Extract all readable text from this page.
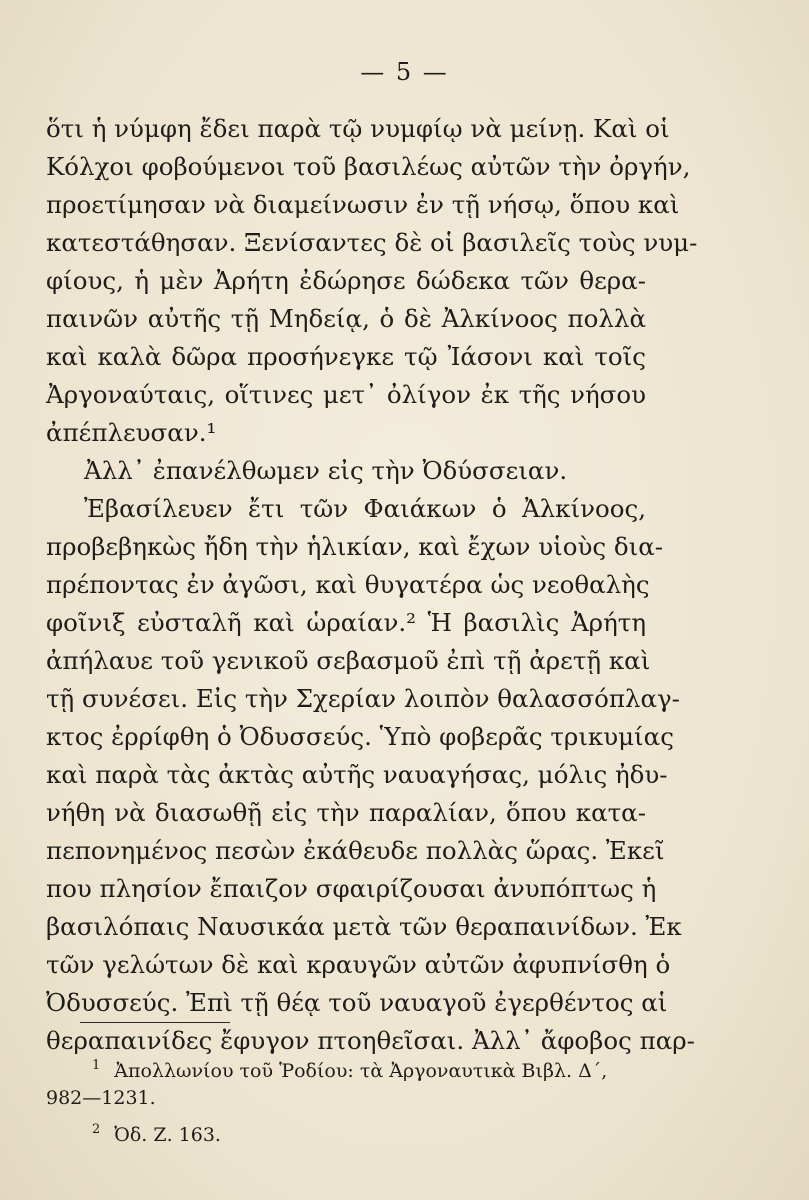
— 5 —
ὅτι ἡ νύμφη ἔδει παρὰ τῷ νυμφίῳ νὰ μείνῃ. Καὶ οἱ
Κόλχοι φοβούμενοι τοῦ βασιλέως αὐτῶν τὴν ὀργήν,
προετίμησαν νὰ διαμείνωσιν ἐν τῇ νήσῳ, ὅπου καὶ
κατεστάθησαν. Ξενίσαντες δὲ οἱ βασιλεῖς τοὺς νυμ-
φίους, ἡ μὲν Ἀρήτη ἐδώρησε δώδεκα τῶν θερα-
παινῶν αὐτῆς τῇ Μηδείᾳ, ὁ δὲ Ἀλκίνοος πολλὰ
καὶ καλὰ δῶρα προσήνεγκε τῷ Ἰάσονι καὶ τοῖς
Ἀργοναύταις, οἵτινες μετ᾽ ὀλίγον ἐκ τῆς νήσου
ἀπέπλευσαν.¹
Ἀλλ᾽ ἐπανέλθωμεν εἰς τὴν Ὀδύσσειαν.
Ἐβασίλευεν ἔτι τῶν Φαιάκων ὁ Ἀλκίνοος,
προβεβηκὼς ἤδη τὴν ἡλικίαν, καὶ ἔχων υἱοὺς δια-
πρέποντας ἐν ἀγῶσι, καὶ θυγατέρα ὡς νεοθαλὴς
φοῖνιξ εὐσταλῆ καὶ ὡραίαν.² Ἡ βασιλὶς Ἀρήτη
ἀπήλαυε τοῦ γενικοῦ σεβασμοῦ ἐπὶ τῇ ἀρετῇ καὶ
τῇ συνέσει. Εἰς τὴν Σχερίαν λοιπὸν θαλασσόπλαγ-
κτος ἐρρίφθη ὁ Ὀδυσσεύς. Ὑπὸ φοβερᾶς τρικυμίας
καὶ παρὰ τὰς ἀκτὰς αὐτῆς ναυαγήσας, μόλις ἠδυ-
νήθη νὰ διασωθῇ εἰς τὴν παραλίαν, ὅπου κατα-
πεπονημένος πεσὼν ἐκάθευδε πολλὰς ὥρας. Ἐκεῖ
που πλησίον ἔπαιζον σφαιρίζουσαι ἀνυπόπτως ἡ
βασιλόπαις Ναυσικάα μετὰ τῶν θεραπαινίδων. Ἐκ
τῶν γελώτων δὲ καὶ κραυγῶν αὐτῶν ἀφυπνίσθη ὁ
Ὀδυσσεύς. Ἐπὶ τῇ θέᾳ τοῦ ναυαγοῦ ἐγερθέντος αἱ
θεραπαινίδες ἔφυγον πτοηθεῖσαι. Ἀλλ᾽ ἄφοβος παρ-
$^1$ Ἀπολλωνίου τοῦ Ῥοδίου: τὰ Ἀργοναυτικὰ Βιβλ. Δ΄,
982—1231.
$^2$ Ὀδ. Ζ. 163.
